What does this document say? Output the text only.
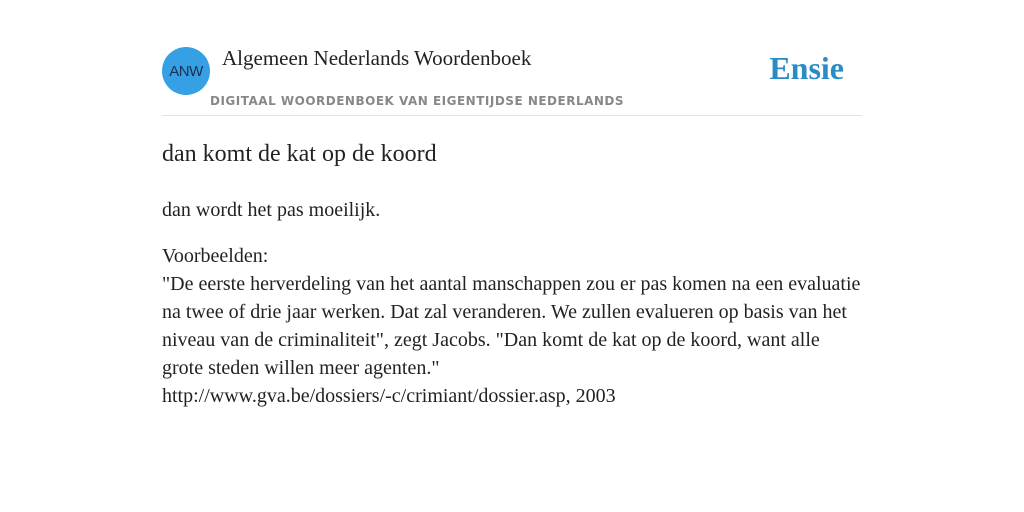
ANW
Algemeen Nederlands Woordenboek
DIGITAAL WOORDENBOEK VAN EIGENTIJDSE NEDERLANDS
Ensie
dan komt de kat op de koord

dan wordt het pas moeilijk.

Voorbeelden:
"De eerste herverdeling van het aantal manschappen zou er pas komen na een evaluatie na twee of drie jaar werken. Dat zal veranderen. We zullen evalueren op basis van het niveau van de criminaliteit", zegt Jacobs. "Dan komt de kat op de koord, want alle grote steden willen meer agenten."
http://www.gva.be/dossiers/-c/crimiant/dossier.asp, 2003
